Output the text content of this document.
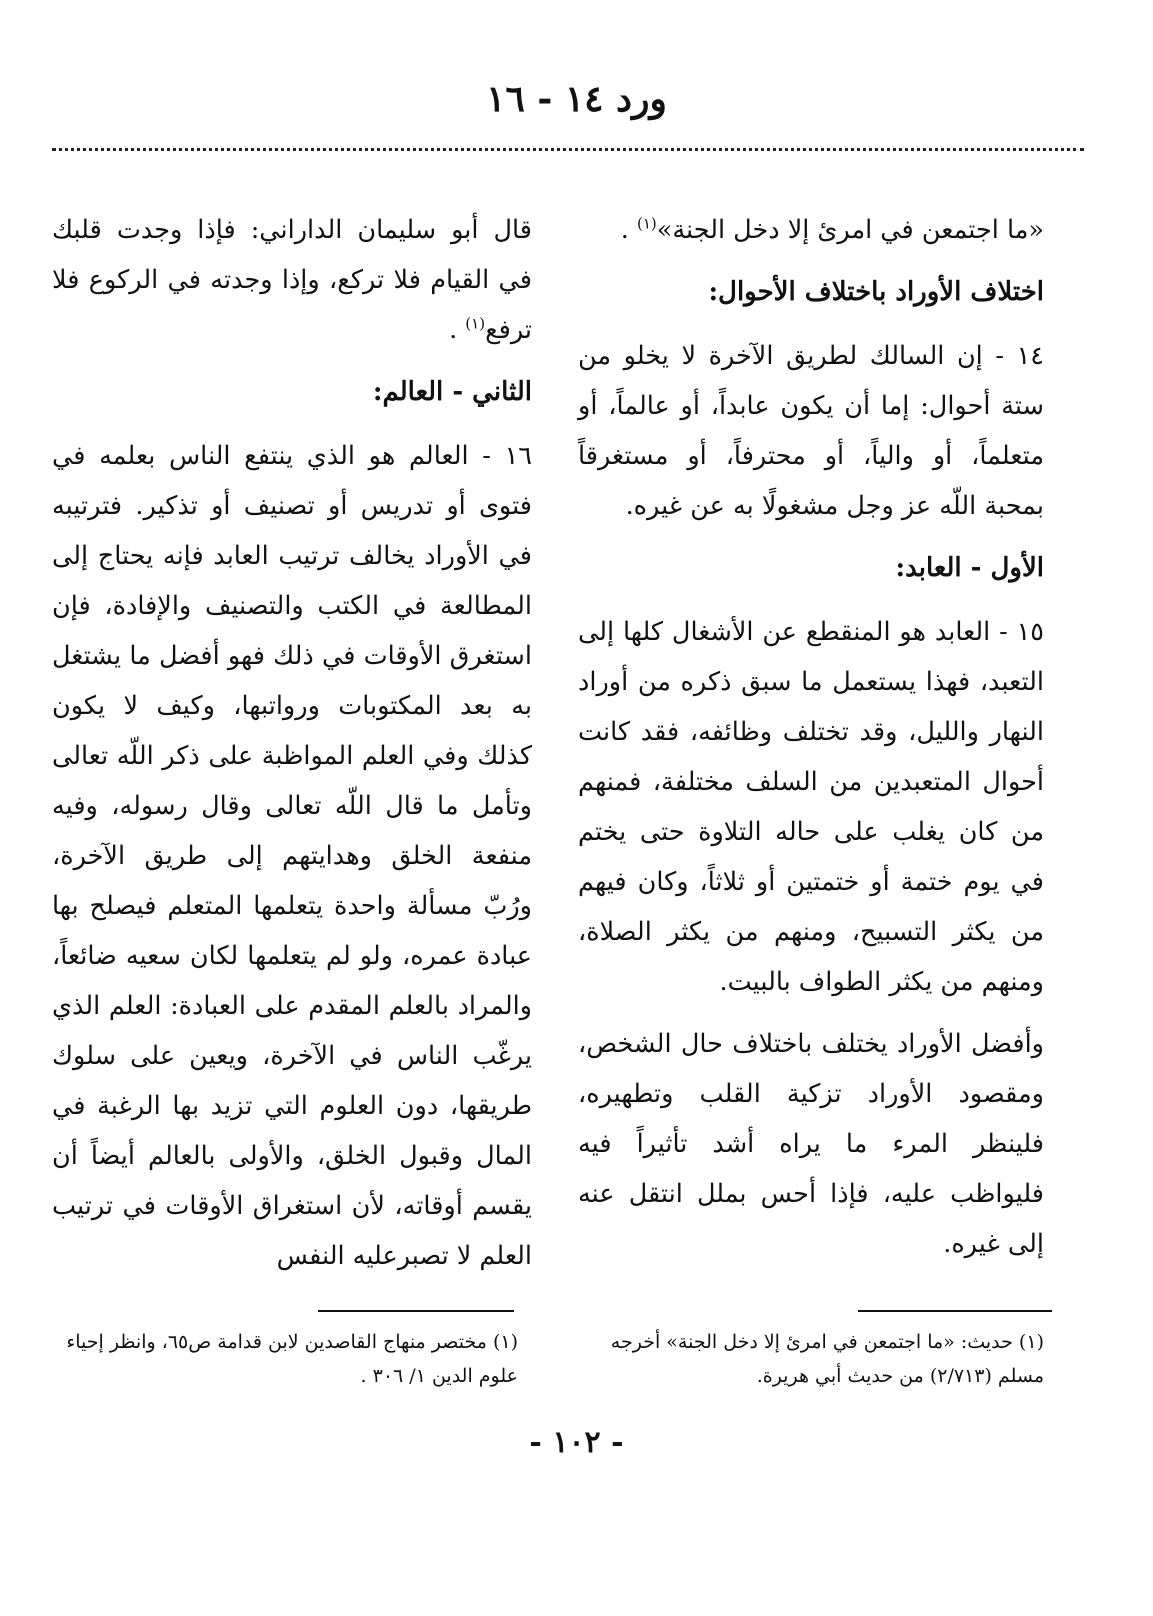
ورد ١٤ - ١٦

«ما اجتمعن في امرئ إلا دخل الجنة»$^{(١)}$ .

اختلاف الأوراد باختلاف الأحوال:

١٤ - إن السالك لطريق الآخرة لا يخلو من ستة أحوال: إما أن يكون عابداً، أو عالماً، أو متعلماً، أو والياً، أو محترفاً، أو مستغرقاً بمحبة اللّه عز وجل مشغولًا به عن غيره.

الأول - العابد:

١٥ - العابد هو المنقطع عن الأشغال كلها إلى التعبد، فهذا يستعمل ما سبق ذكره من أوراد النهار والليل، وقد تختلف وظائفه، فقد كانت أحوال المتعبدين من السلف مختلفة، فمنهم من كان يغلب على حاله التلاوة حتى يختم في يوم ختمة أو ختمتين أو ثلاثاً، وكان فيهم من يكثر التسبيح، ومنهم من يكثر الصلاة، ومنهم من يكثر الطواف بالبيت.

وأفضل الأوراد يختلف باختلاف حال الشخص، ومقصود الأوراد تزكية القلب وتطهيره، فلينظر المرء ما يراه أشد تأثيراً فيه فليواظب عليه، فإذا أحس بملل انتقل عنه إلى غيره.

قال أبو سليمان الداراني: فإذا وجدت قلبك في القيام فلا تركع، وإذا وجدته في الركوع فلا ترفع$^{(١)}$ .

الثاني - العالم:

١٦ - العالم هو الذي ينتفع الناس بعلمه في فتوى أو تدريس أو تصنيف أو تذكير. فترتيبه في الأوراد يخالف ترتيب العابد فإنه يحتاج إلى المطالعة في الكتب والتصنيف والإفادة، فإن استغرق الأوقات في ذلك فهو أفضل ما يشتغل به بعد المكتوبات ورواتبها، وكيف لا يكون كذلك وفي العلم المواظبة على ذكر اللّه تعالى وتأمل ما قال اللّه تعالى وقال رسوله، وفيه منفعة الخلق وهدايتهم إلى طريق الآخرة، ورُبّ مسألة واحدة يتعلمها المتعلم فيصلح بها عبادة عمره، ولو لم يتعلمها لكان سعيه ضائعاً، والمراد بالعلم المقدم على العبادة: العلم الذي يرغّب الناس في الآخرة، ويعين على سلوك طريقها، دون العلوم التي تزيد بها الرغبة في المال وقبول الخلق، والأولى بالعالم أيضاً أن يقسم أوقاته، لأن استغراق الأوقات في ترتيب العلم لا تصبرعليه النفس

(١) حديث: «ما اجتمعن في امرئ إلا دخل الجنة» أخرجه مسلم (٢/٧١٣) من حديث أبي هريرة.
(١) مختصر منهاج القاصدين لابن قدامة ص٦٥، وانظر إحياء علوم الدين ١/ ٣٠٦ .
- ١٠٢ -
